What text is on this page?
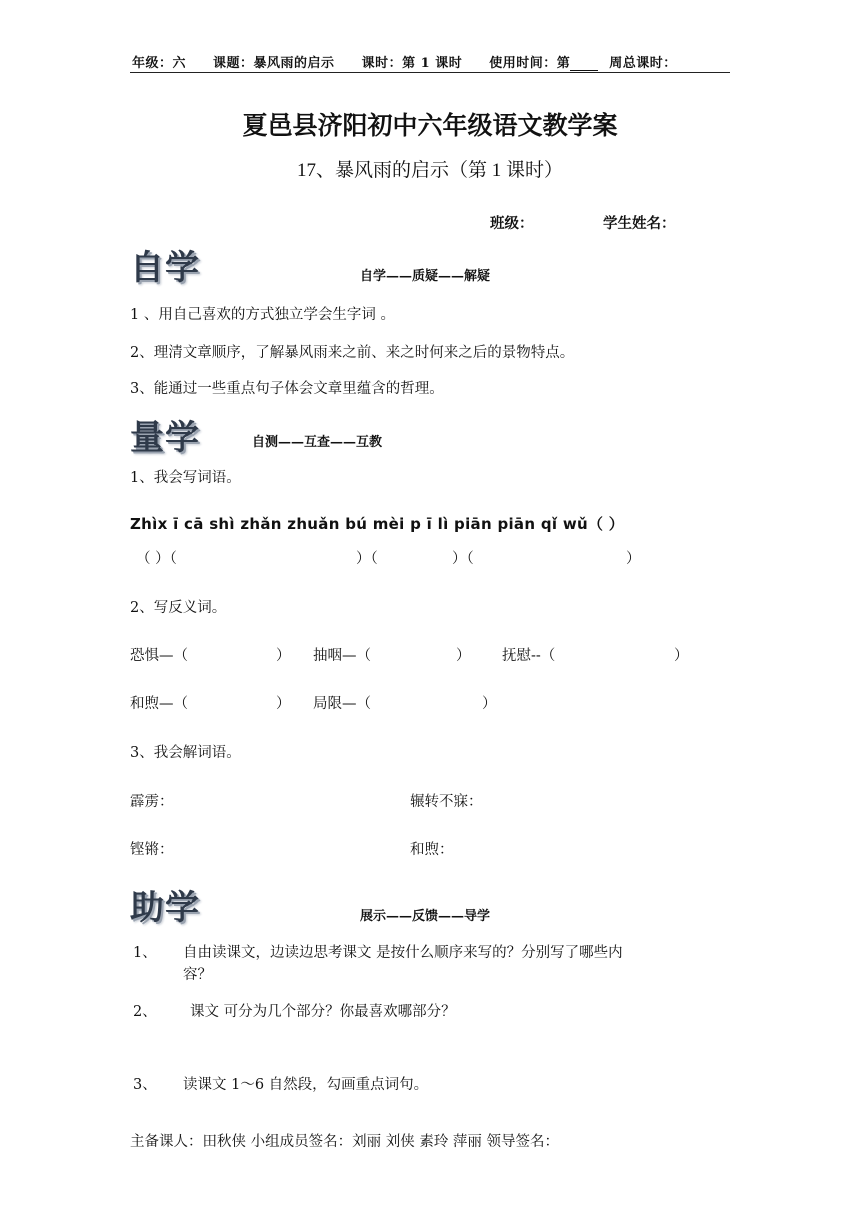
年级：六 课题：暴风雨的启示 课时：第 1 课时 使用时间：第	周总课时：
夏邑县济阳初中六年级语文教学案
17、暴风雨的启示（第 1 课时）
班级：	学生姓名：
自学	自学——质疑——解疑
1 、用自己喜欢的方式独立学会生字词 。
2、理清文章顺序，了解暴风雨来之前、来之时何来之后的景物特点。
3、能通过一些重点句子体会文章里蕴含的哲理。
量学	自测——互查——互教
1、我会写词语。
Zhìx ī cā shì zhǎn zhuǎn bú mèi p ī lì piān piān qǐ wǔ（ ）
（ ）（	）（	）（	）
2、写反义词。
恐惧—（	） 抽咽—（	） 抚慰--（	）
和煦—（	） 局限—（	）
3、我会解词语。
霹雳：	辗转不寐：
铿锵：	和煦：
助学	展示——反馈——导学
1、 自由读课文，边读边思考课文 是按什么顺序来写的？分别写了哪些内
容？
2、 课文 可分为几个部分？你最喜欢哪部分？
3、 读课文 1～6 自然段，勾画重点词句。
主备课人：田秋侠 小组成员签名：刘丽 刘侠 素玲 萍丽 领导签名：
